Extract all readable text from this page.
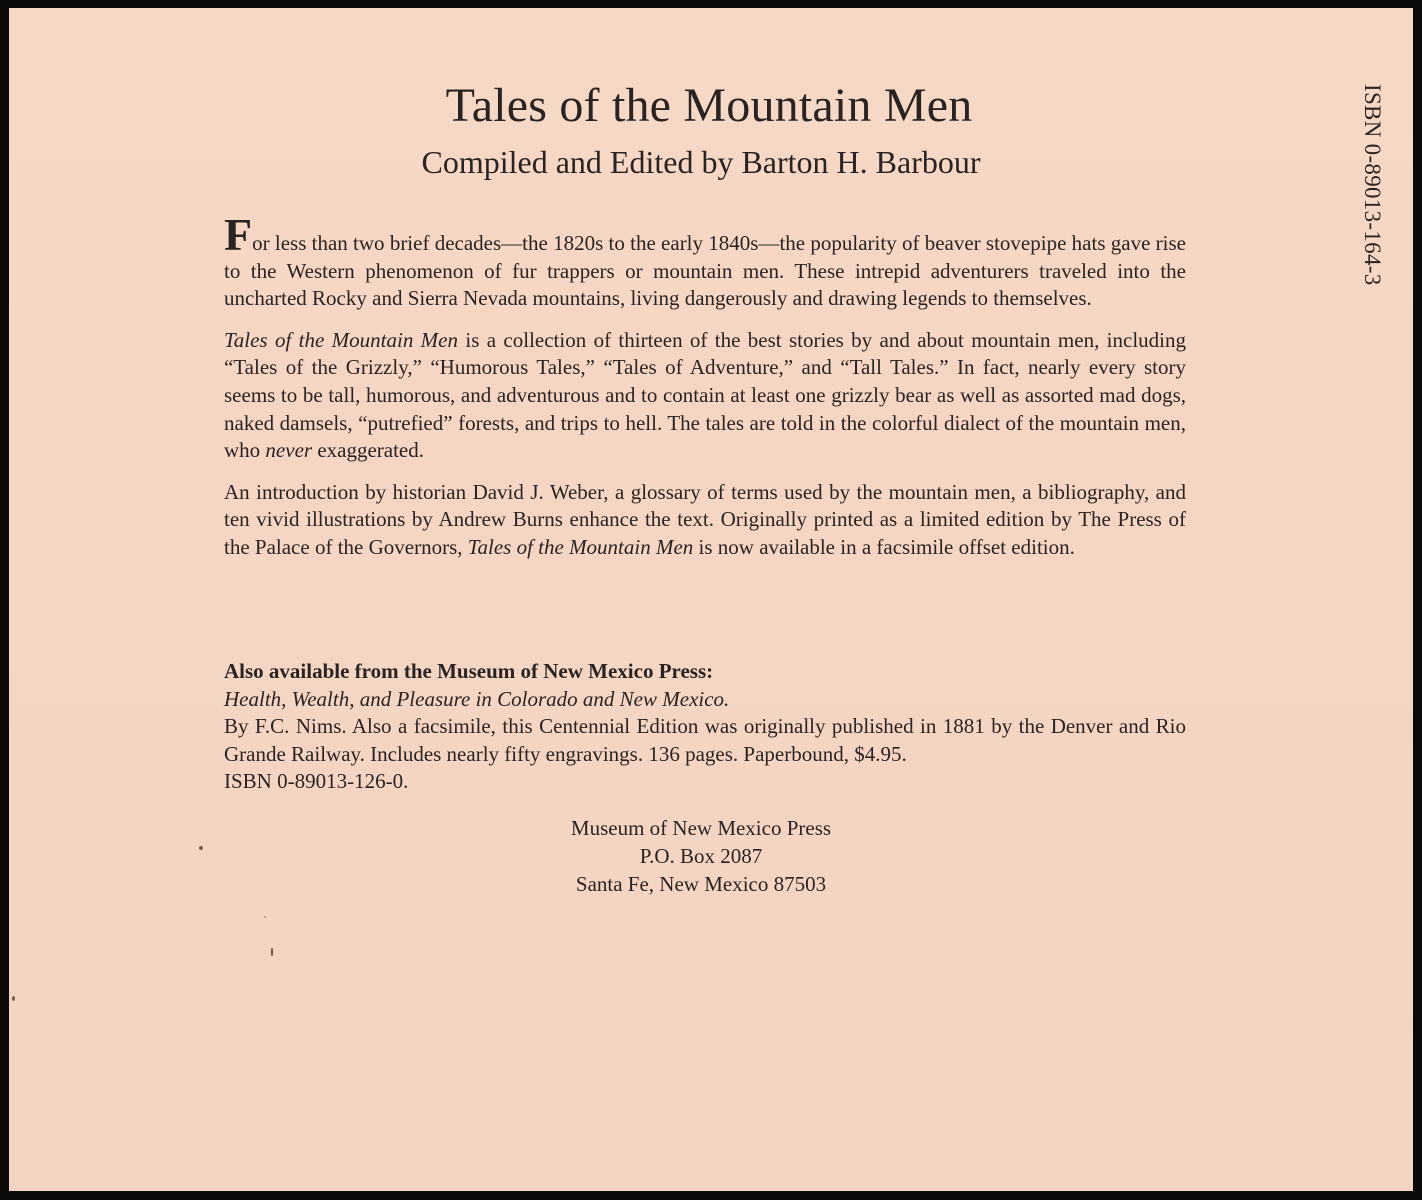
Tales of the Mountain Men
Compiled and Edited by Barton H. Barbour	ISBN 0-89013-164-3

For less than two brief decades—the 1820s to the early 1840s—the popularity of beaver stovepipe hats gave rise to the Western phenomenon of fur trappers or mountain men. These intrepid adventurers traveled into the uncharted Rocky and Sierra Nevada mountains, living dangerously and drawing legends to themselves.

Tales of the Mountain Men is a collection of thirteen of the best stories by and about mountain men, including “Tales of the Grizzly,” “Humorous Tales,” “Tales of Adventure,” and “Tall Tales.” In fact, nearly every story seems to be tall, humorous, and adventurous and to contain at least one grizzly bear as well as assorted mad dogs, naked damsels, “putrefied” forests, and trips to hell. The tales are told in the colorful dialect of the mountain men, who never exaggerated.

An introduction by historian David J. Weber, a glossary of terms used by the mountain men, a bibliography, and ten vivid illustrations by Andrew Burns enhance the text. Originally printed as a limited edition by The Press of the Palace of the Governors, Tales of the Mountain Men is now available in a facsimile offset edition.

Also available from the Museum of New Mexico Press:
Health, Wealth, and Pleasure in Colorado and New Mexico.
By F.C. Nims. Also a facsimile, this Centennial Edition was originally published in 1881 by the Denver and Rio Grande Railway. Includes nearly fifty engravings. 136 pages. Paperbound, $4.95.
ISBN 0-89013-126-0.
Museum of New Mexico Press
P.O. Box 2087
Santa Fe, New Mexico 87503
